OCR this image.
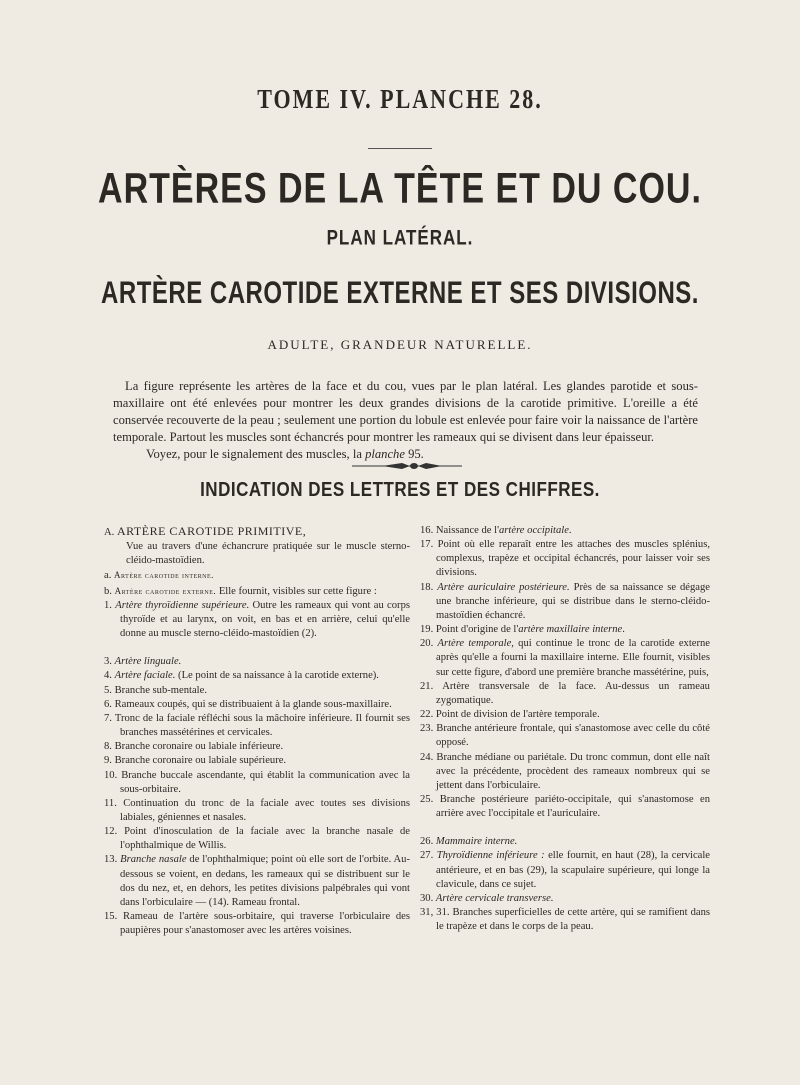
TOME IV. PLANCHE 28.
ARTÈRES DE LA TÊTE ET DU COU.
PLAN LATÉRAL.
ARTÈRE CAROTIDE EXTERNE ET SES DIVISIONS.
ADULTE, GRANDEUR NATURELLE.

La figure représente les artères de la face et du cou, vues par le plan latéral. Les glandes parotide et sous-maxillaire ont été enlevées pour montrer les deux grandes divisions de la carotide primitive. L'oreille a été conservée recouverte de la peau ; seulement une portion du lobule est enlevée pour faire voir la naissance de l'artère temporale. Partout les muscles sont échancrés pour montrer les rameaux qui se divisent dans leur épaisseur.

Voyez, pour le signalement des muscles, la planche 95.

INDICATION DES LETTRES ET DES CHIFFRES.
A. ARTÈRE CAROTIDE PRIMITIVE,
Vue au travers d'une échancrure pratiquée sur le muscle sterno-cléido-mastoïdien.
a. Artère carotide interne.
b. Artère carotide externe. Elle fournit, visibles sur cette figure :
1. Artère thyroïdienne supérieure. Outre les rameaux qui vont au corps thyroïde et au larynx, on voit, en bas et en arrière, celui qu'elle donne au muscle sterno-cléido-mastoïdien (2).
3. Artère linguale.
4. Artère faciale. (Le point de sa naissance à la carotide externe).
5. Branche sub-mentale.
6. Rameaux coupés, qui se distribuaient à la glande sous-maxillaire.
7. Tronc de la faciale réfléchi sous la mâchoire inférieure. Il fournit ses branches massétérines et cervicales.
8. Branche coronaire ou labiale inférieure.
9. Branche coronaire ou labiale supérieure.
10. Branche buccale ascendante, qui établit la communication avec la sous-orbitaire.
11. Continuation du tronc de la faciale avec toutes ses divisions labiales, géniennes et nasales.
12. Point d'inosculation de la faciale avec la branche nasale de l'ophthalmique de Willis.
13. Branche nasale de l'ophthalmique; point où elle sort de l'orbite. Au-dessous se voient, en dedans, les rameaux qui se distribuent sur le dos du nez, et, en dehors, les petites divisions palpébrales qui vont dans l'orbiculaire — (14). Rameau frontal.
15. Rameau de l'artère sous-orbitaire, qui traverse l'orbiculaire des paupières pour s'anastomoser avec les artères voisines.
16. Naissance de l'artère occipitale.
17. Point où elle reparaît entre les attaches des muscles splénius, complexus, trapèze et occipital échancrés, pour laisser voir ses divisions.
18. Artère auriculaire postérieure. Près de sa naissance se dégage une branche inférieure, qui se distribue dans le sterno-cléido-mastoïdien échancré.
19. Point d'origine de l'artère maxillaire interne.
20. Artère temporale, qui continue le tronc de la carotide externe après qu'elle a fourni la maxillaire interne. Elle fournit, visibles sur cette figure, d'abord une première branche massétérine, puis,
21. Artère transversale de la face. Au-dessus un rameau zygomatique.
22. Point de division de l'artère temporale.
23. Branche antérieure frontale, qui s'anastomose avec celle du côté opposé.
24. Branche médiane ou pariétale. Du tronc commun, dont elle naît avec la précédente, procèdent des rameaux nombreux qui se jettent dans l'orbiculaire.
25. Branche postérieure pariéto-occipitale, qui s'anastomose en arrière avec l'occipitale et l'auriculaire.
26. Mammaire interne.
27. Thyroïdienne inférieure : elle fournit, en haut (28), la cervicale antérieure, et en bas (29), la scapulaire supérieure, qui longe la clavicule, dans ce sujet.
30. Artère cervicale transverse.
31, 31. Branches superficielles de cette artère, qui se ramifient dans le trapèze et dans le corps de la peau.
